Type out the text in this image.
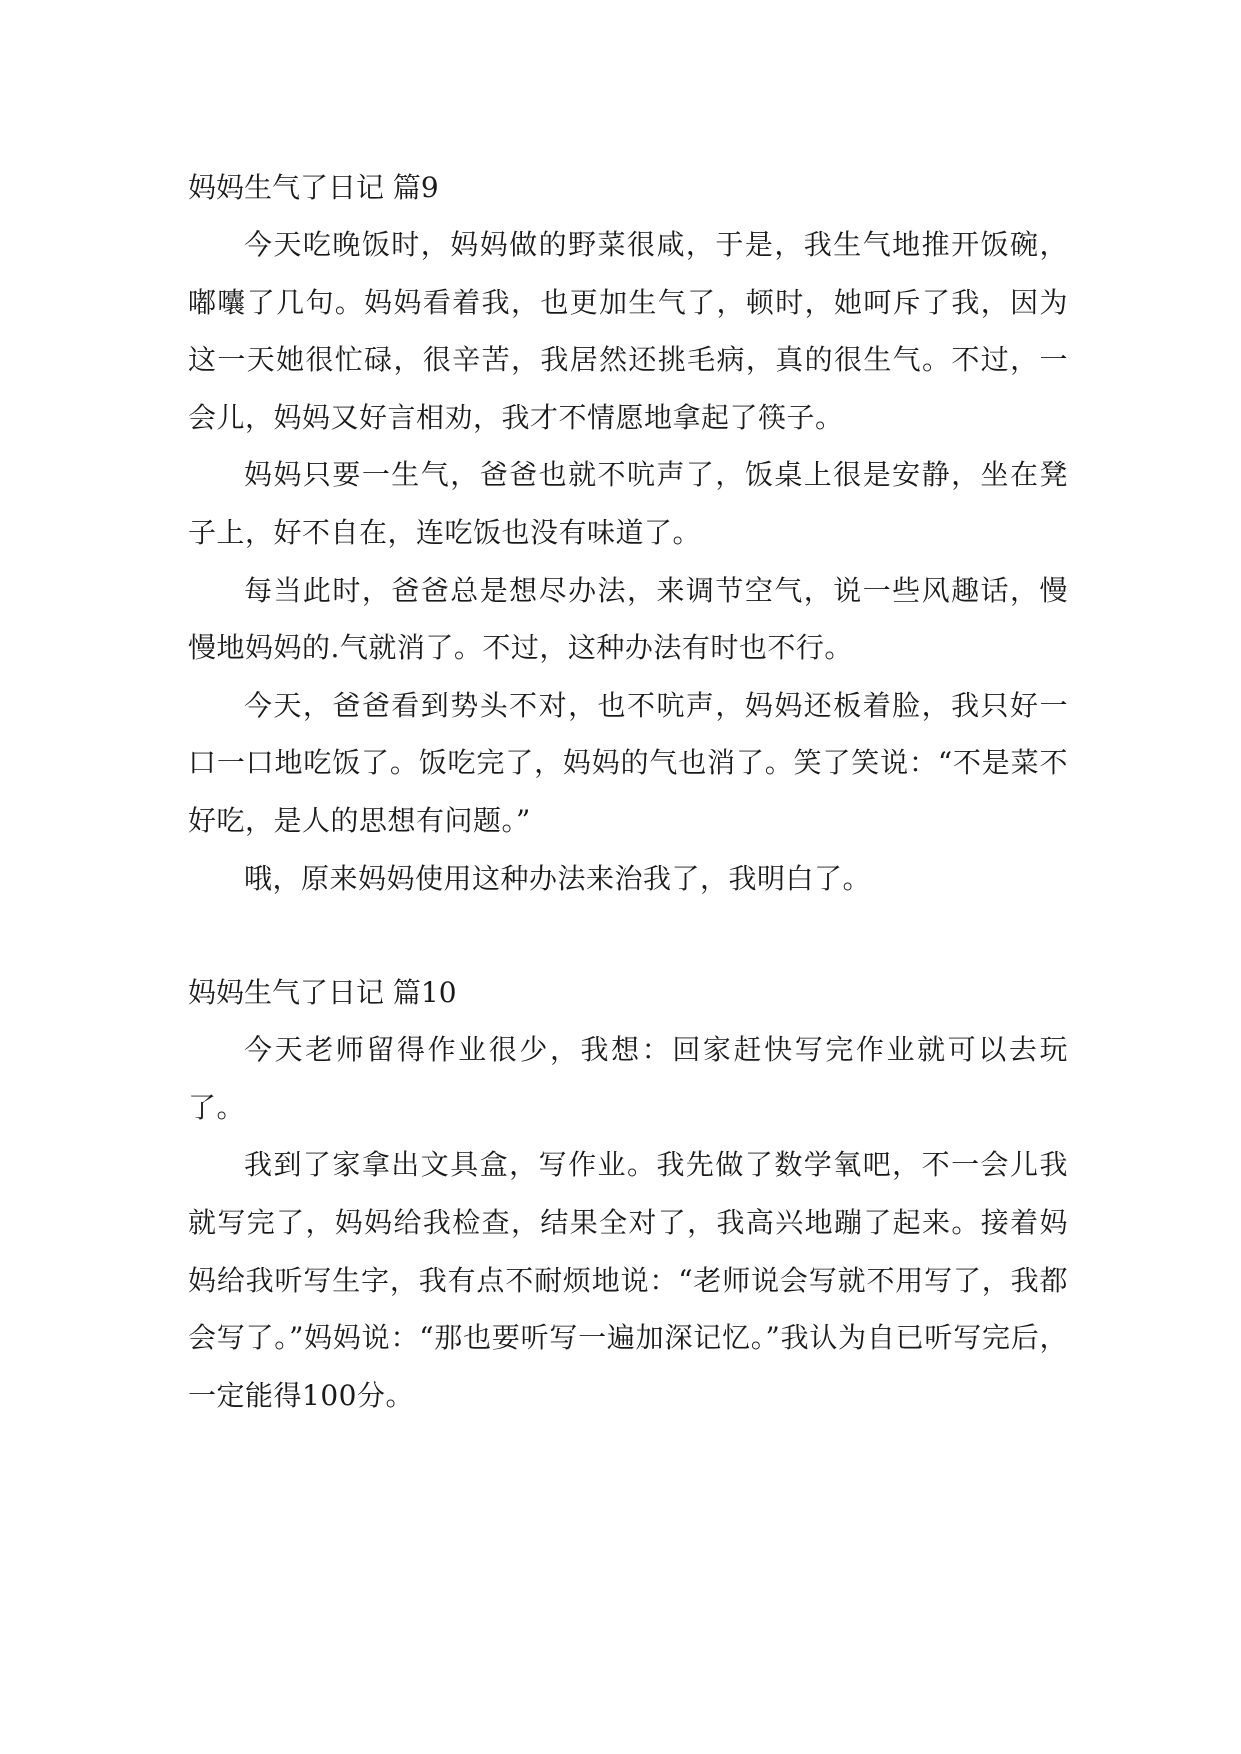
妈妈生气了日记 篇9

今天吃晚饭时，妈妈做的野菜很咸，于是，我生气地推开饭碗，嘟囔了几句。妈妈看着我，也更加生气了，顿时，她呵斥了我，因为这一天她很忙碌，很辛苦，我居然还挑毛病，真的很生气。不过，一会儿，妈妈又好言相劝，我才不情愿地拿起了筷子。

妈妈只要一生气，爸爸也就不吭声了，饭桌上很是安静，坐在凳子上，好不自在，连吃饭也没有味道了。

每当此时，爸爸总是想尽办法，来调节空气，说一些风趣话，慢慢地妈妈的.气就消了。不过，这种办法有时也不行。

今天，爸爸看到势头不对，也不吭声，妈妈还板着脸，我只好一口一口地吃饭了。饭吃完了，妈妈的气也消了。笑了笑说：“不是菜不好吃，是人的思想有问题。”

哦，原来妈妈使用这种办法来治我了，我明白了。

妈妈生气了日记 篇10

今天老师留得作业很少，我想：回家赶快写完作业就可以去玩了。

我到了家拿出文具盒，写作业。我先做了数学氧吧，不一会儿我就写完了，妈妈给我检查，结果全对了，我高兴地蹦了起来。接着妈妈给我听写生字，我有点不耐烦地说：“老师说会写就不用写了，我都会写了。”妈妈说：“那也要听写一遍加深记忆。”我认为自已听写完后，一定能得100分。
